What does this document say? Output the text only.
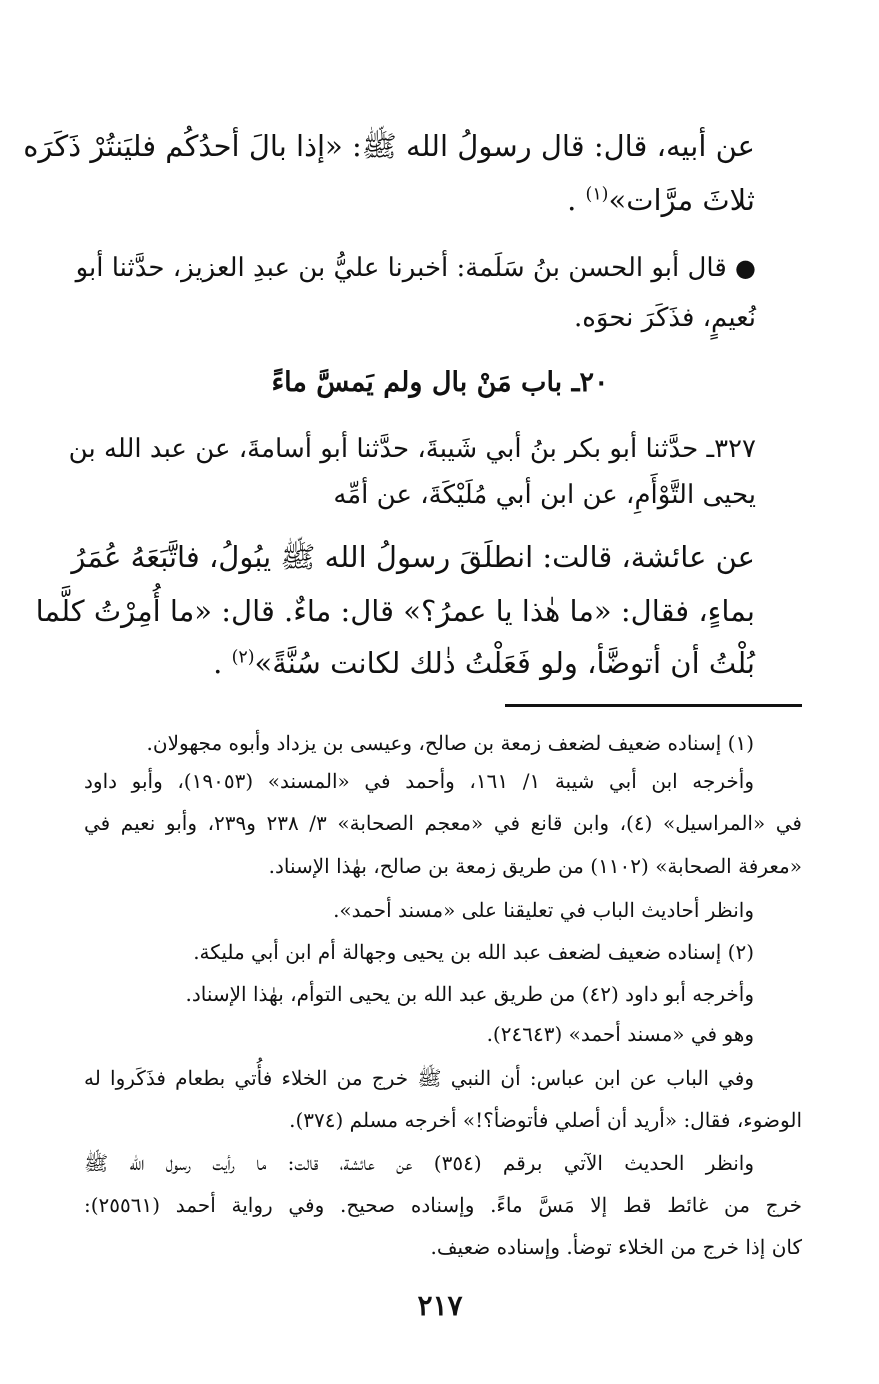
عن أبيه، قال: قال رسولُ الله ﷺ: «إذا بالَ أحدُكُم فليَنتُرْ ذَكَرَه
ثلاثَ مرَّات»$^{(١)}$ .
● قال أبو الحسن بنُ سَلَمة: أخبرنا عليُّ بن عبدِ العزيز، حدَّثنا أبو
نُعيمٍ، فذَكَرَ نحوَه.
٢٠ـ باب مَنْ بال ولم يَمسَّ ماءً
٣٢٧ـ حدَّثنا أبو بكر بنُ أبي شَيبةَ، حدَّثنا أبو أسامةَ، عن عبد الله بن
يحيى التَّوْأَمِ، عن ابن أبي مُلَيْكَةَ، عن أمِّه
عن عائشة، قالت: انطلَقَ رسولُ الله ﷺ يبُولُ، فاتَّبَعَهُ عُمَرُ
بماءٍ، فقال: «ما هٰذا يا عمرُ؟» قال: ماءٌ. قال: «ما أُمِرْتُ كلَّما
بُلْتُ أن أتوضَّأ، ولو فَعَلْتُ ذٰلك لكانت سُنَّةً»$^{(٢)}$ .
(١) إسناده ضعيف لضعف زمعة بن صالح، وعيسى بن يزداد وأبوه مجهولان.
وأخرجه ابن أبي شيبة ١/ ١٦١، وأحمد في «المسند» (١٩٠٥٣)، وأبو داود
في «المراسيل» (٤)، وابن قانع في «معجم الصحابة» ٣/ ٢٣٨ و٢٣٩، وأبو نعيم في
«معرفة الصحابة» (١١٠٢) من طريق زمعة بن صالح، بهٰذا الإسناد.
وانظر أحاديث الباب في تعليقنا على «مسند أحمد».
(٢) إسناده ضعيف لضعف عبد الله بن يحيى وجهالة أم ابن أبي مليكة.
وأخرجه أبو داود (٤٢) من طريق عبد الله بن يحيى التوأم، بهٰذا الإسناد.
وهو في «مسند أحمد» (٢٤٦٤٣).
وفي الباب عن ابن عباس: أن النبي ﷺ خرج من الخلاء فأُتي بطعام فذَكَروا له
الوضوء، فقال: «أريد أن أصلي فأتوضأ؟!» أخرجه مسلم (٣٧٤).
وانظر الحديث الآتي برقم (٣٥٤) عن عائشة، قالت: ما رأيت رسول الله ﷺ
خرج من غائط قط إلا مَسَّ ماءً. وإسناده صحيح. وفي رواية أحمد (٢٥٥٦١):
كان إذا خرج من الخلاء توضأ. وإسناده ضعيف.
٢١٧
